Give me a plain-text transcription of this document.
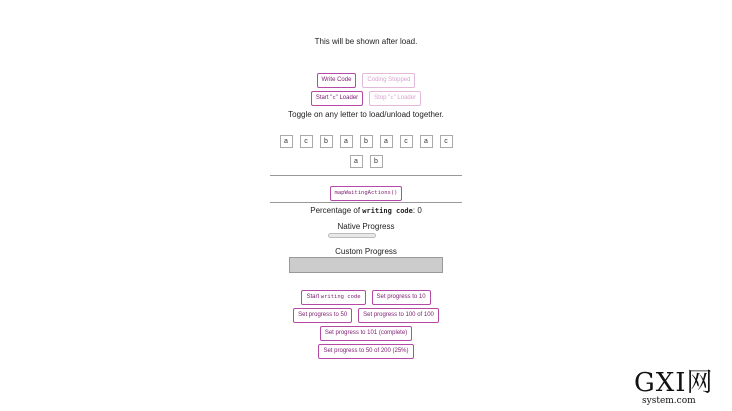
This will be shown after load.
Write Code	Coding Stopped
Start "c" Loader	Stop "c" Loader
Toggle on any letter to load/unload together.
a c b a b a c a c
a b
mapWaitingActions()
Percentage of writing code: 0
Native Progress
Custom Progress
Start writing code	Set progress to 10
Set progress to 50	Set progress to 100 of 100
Set progress to 101 (complete)
Set progress to 50 of 200 (25%)
GXI网
system.com
